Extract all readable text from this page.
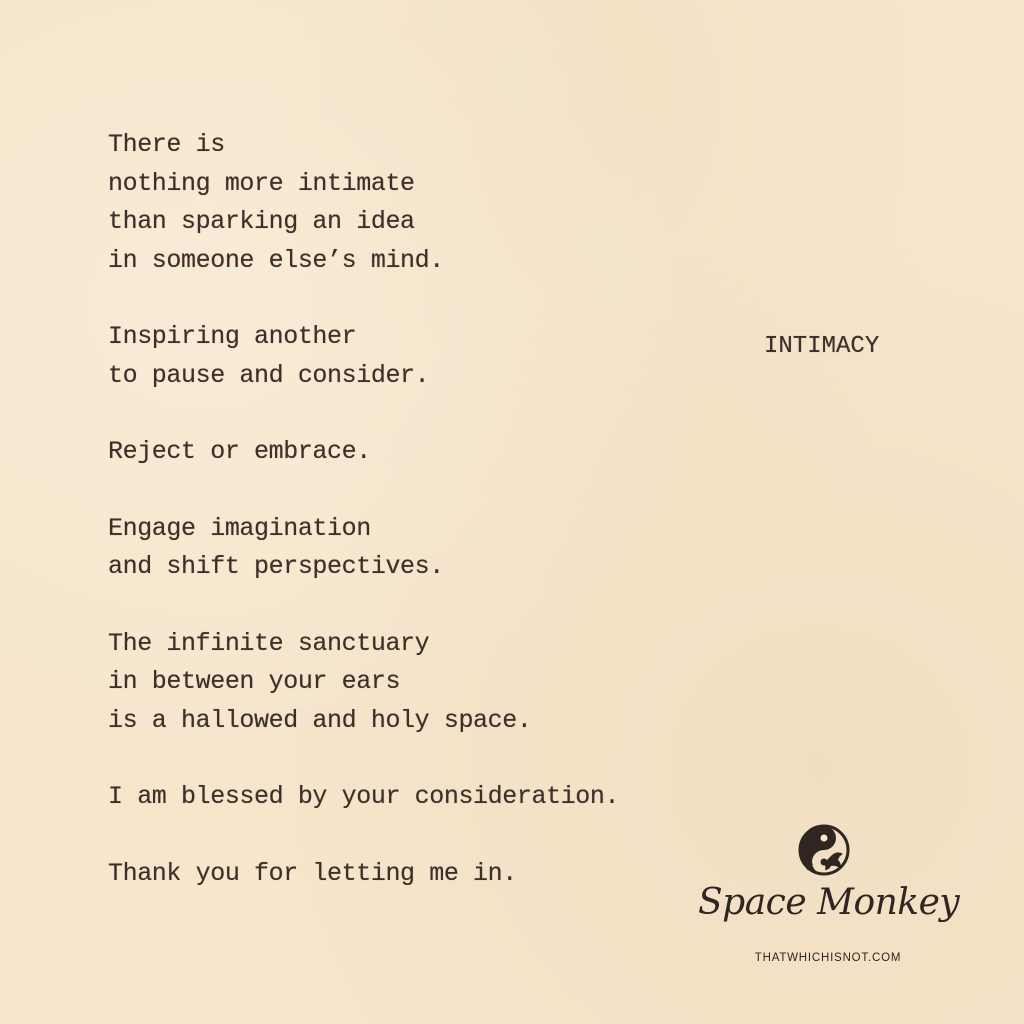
There is
nothing more intimate
than sparking an idea
in someone else’s mind.
Inspiring another
to pause and consider.
Reject or embrace.
Engage imagination
and shift perspectives.
The infinite sanctuary
in between your ears
is a hallowed and holy space.
I am blessed by your consideration.
Thank you for letting me in.
INTIMACY
Space Monkey
THATWHICHISNOT.COM
